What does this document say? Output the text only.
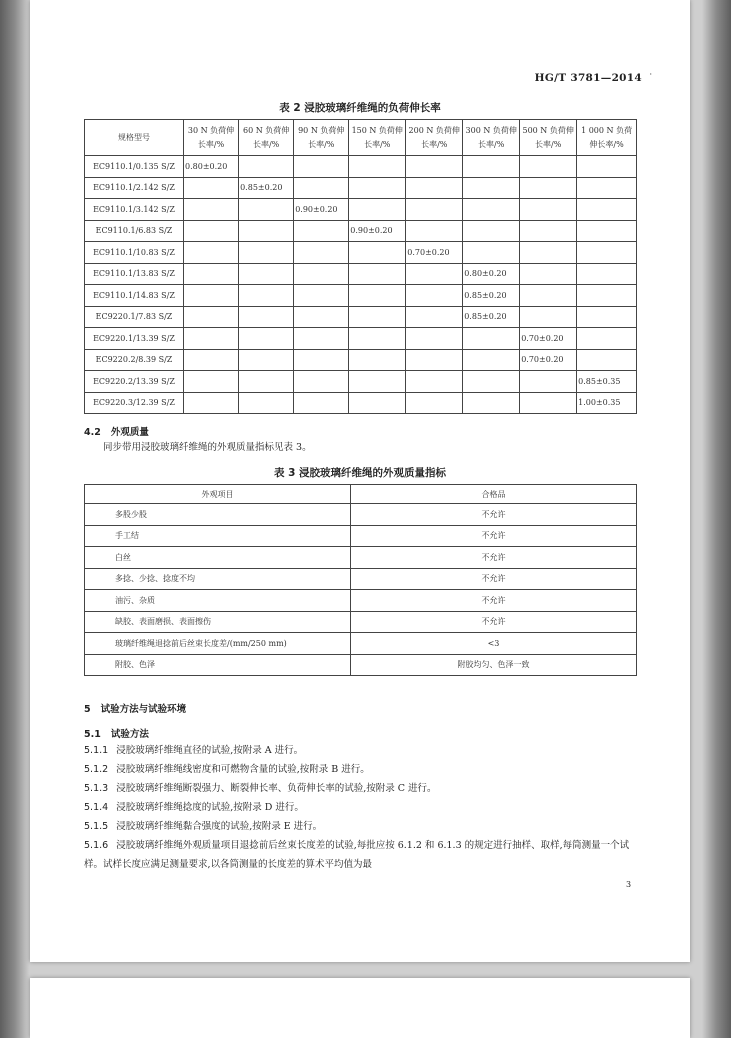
HG/T 3781—2014 ·
表 2 浸胶玻璃纤维绳的负荷伸长率
规格型号	30 N 负荷伸长率/%	60 N 负荷伸长率/%	90 N 负荷伸长率/%	150 N 负荷伸长率/%	200 N 负荷伸长率/%	300 N 负荷伸长率/%	500 N 负荷伸长率/%	1 000 N 负荷伸长率/%
EC9110.1/0.135 S/Z	0.80±0.20							
EC9110.1/2.142 S/Z		0.85±0.20						
EC9110.1/3.142 S/Z			0.90±0.20					
EC9110.1/6.83 S/Z				0.90±0.20				
EC9110.1/10.83 S/Z					0.70±0.20			
EC9110.1/13.83 S/Z						0.80±0.20		
EC9110.1/14.83 S/Z						0.85±0.20		
EC9220.1/7.83 S/Z						0.85±0.20		
EC9220.1/13.39 S/Z							0.70±0.20	
EC9220.2/8.39 S/Z							0.70±0.20	
EC9220.2/13.39 S/Z								0.85±0.35
EC9220.3/12.39 S/Z								1.00±0.35
4.2 外观质量
同步带用浸胶玻璃纤维绳的外观质量指标见表 3。
表 3 浸胶玻璃纤维绳的外观质量指标
外观项目	合格品
多股少股	不允许
手工结	不允许
白丝	不允许
多捻、少捻、捻度不均	不允许
油污、杂质	不允许
缺胶、表面磨损、表面擦伤	不允许
玻璃纤维绳退捻前后丝束长度差/(mm/250 mm)	<3
附胶、色泽	附胶均匀、色泽一致
5 试验方法与试验环境
5.1 试验方法
5.1.1 浸胶玻璃纤维绳直径的试验,按附录 A 进行。
5.1.2 浸胶玻璃纤维绳线密度和可燃物含量的试验,按附录 B 进行。
5.1.3 浸胶玻璃纤维绳断裂强力、断裂伸长率、负荷伸长率的试验,按附录 C 进行。
5.1.4 浸胶玻璃纤维绳捻度的试验,按附录 D 进行。
5.1.5 浸胶玻璃纤维绳黏合强度的试验,按附录 E 进行。
5.1.6 浸胶玻璃纤维绳外观质量项目退捻前后丝束长度差的试验,每批应按 6.1.2 和 6.1.3 的规定进行抽样、取样,每筒测量一个试样。试样长度应满足测量要求,以各筒测量的长度差的算术平均值为最
3
